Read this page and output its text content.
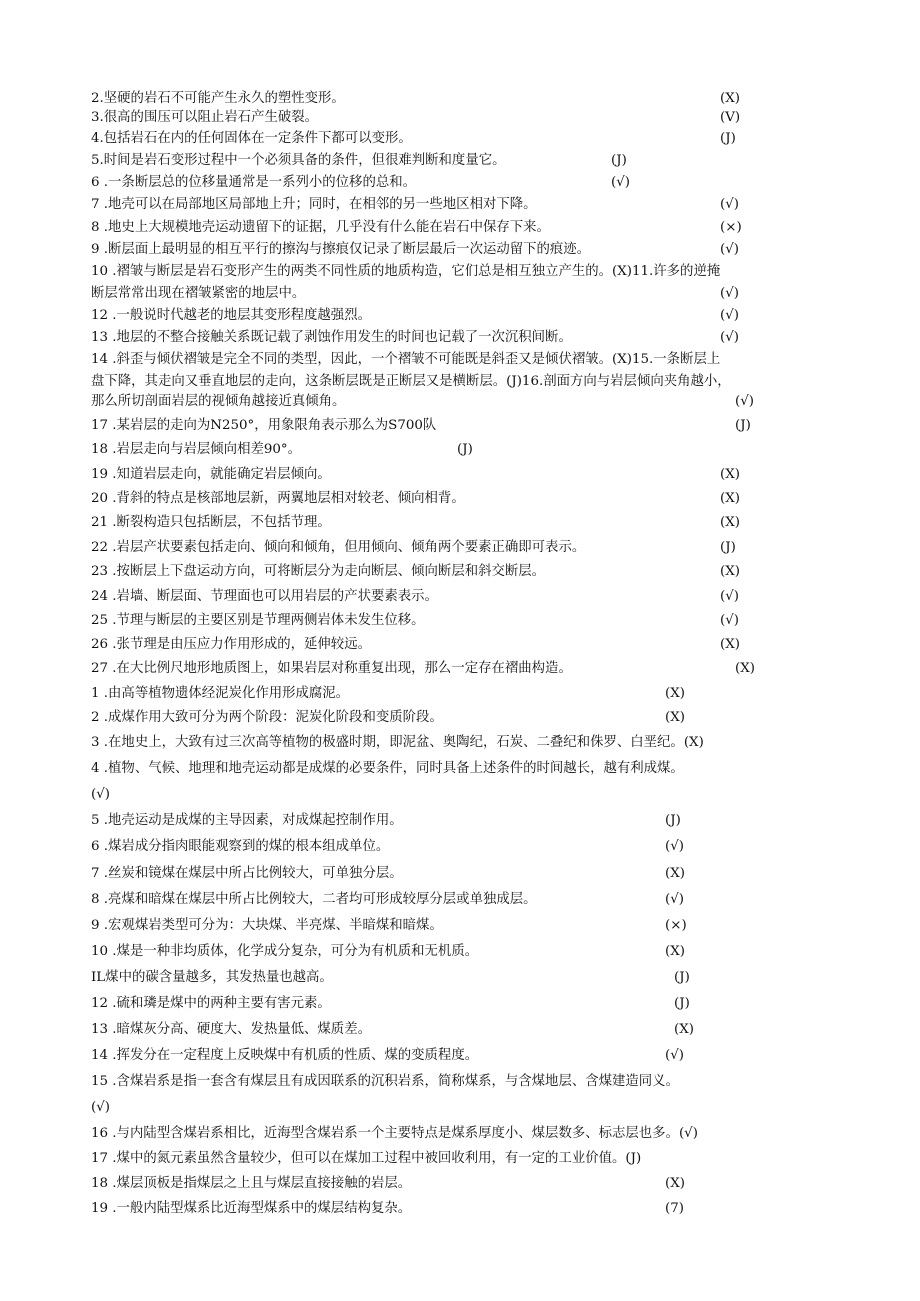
2.坚硬的岩石不可能产生永久的塑性变形。	(X)
3.很高的围压可以阻止岩石产生破裂。	(V)
4.包括岩石在内的任何固体在一定条件下都可以变形。	(J)
5.时间是岩石变形过程中一个必须具备的条件，但很难判断和度量它。	(J)
6 .一条断层总的位移量通常是一系列小的位移的总和。	(√)
7 .地壳可以在局部地区局部地上升；同时，在相邻的另一些地区相对下降。	(√)
8 .地史上大规模地壳运动遗留下的证据，几乎没有什么能在岩石中保存下来。	(×)
9 .断层面上最明显的相互平行的擦沟与擦痕仅记录了断层最后一次运动留下的痕迹。	(√)
10 .褶皱与断层是岩石变形产生的两类不同性质的地质构造，它们总是相互独立产生的。(X)11.许多的逆掩
断层常常出现在褶皱紧密的地层中。	(√)
12 .一般说时代越老的地层其变形程度越强烈。	(√)
13 .地层的不整合接触关系既记载了剥蚀作用发生的时间也记载了一次沉积间断。	(√)
14 .斜歪与倾伏褶皱是完全不同的类型，因此，一个褶皱不可能既是斜歪又是倾伏褶皱。(X)15.一条断层上
盘下降，其走向又垂直地层的走向，这条断层既是正断层又是横断层。(J)16.剖面方向与岩层倾向夹角越小，
那么所切剖面岩层的视倾角越接近真倾角。	(√)
17 .某岩层的走向为N250°，用象限角表示那么为S700队	(J)
18 .岩层走向与岩层倾向相差90°。	(J)
19 .知道岩层走向，就能确定岩层倾向。	(X)
20 .背斜的特点是核部地层新，两翼地层相对较老、倾向相背。	(X)
21 .断裂构造只包括断层，不包括节理。	(X)
22 .岩层产状要素包括走向、倾向和倾角，但用倾向、倾角两个要素正确即可表示。	(J)
23 .按断层上下盘运动方向，可将断层分为走向断层、倾向断层和斜交断层。	(X)
24 .岩墙、断层面、节理面也可以用岩层的产状要素表示。	(√)
25 .节理与断层的主要区别是节理两侧岩体未发生位移。	(√)
26 .张节理是由压应力作用形成的，延伸较远。	(X)
27 .在大比例尺地形地质图上，如果岩层对称重复出现，那么一定存在褶曲构造。	(X)
1 .由高等植物遗体经泥炭化作用形成腐泥。	(X)
2 .成煤作用大致可分为两个阶段：泥炭化阶段和变质阶段。	(X)
3 .在地史上，大致有过三次高等植物的极盛时期，即泥盆、奥陶纪，石炭、二叠纪和侏罗、白垩纪。(X)
4 .植物、气候、地理和地壳运动都是成煤的必要条件，同时具备上述条件的时间越长，越有利成煤。
(√)
5 .地壳运动是成煤的主导因素，对成煤起控制作用。	(J)
6 .煤岩成分指肉眼能观察到的煤的根本组成单位。	(√)
7 .丝炭和镜煤在煤层中所占比例较大，可单独分层。	(X)
8 .亮煤和暗煤在煤层中所占比例较大，二者均可形成较厚分层或单独成层。	(√)
9 .宏观煤岩类型可分为：大块煤、半亮煤、半暗煤和暗煤。	(×)
10 .煤是一种非均质体，化学成分复杂，可分为有机质和无机质。	(X)
IL煤中的碳含量越多，其发热量也越高。	(J)
12 .硫和璘是煤中的两种主要有害元素。	(J)
13 .暗煤灰分高、硬度大、发热量低、煤质差。	(X)
14 .挥发分在一定程度上反映煤中有机质的性质、煤的变质程度。	(√)
15 .含煤岩系是指一套含有煤层且有成因联系的沉积岩系，简称煤系，与含煤地层、含煤建造同义。
(√)
16 .与内陆型含煤岩系相比，近海型含煤岩系一个主要特点是煤系厚度小、煤层数多、标志层也多。(√)
17 .煤中的氮元素虽然含量较少，但可以在煤加工过程中被回收利用，有一定的工业价值。(J)
18 .煤层顶板是指煤层之上且与煤层直接接触的岩层。	(X)
19 .一般内陆型煤系比近海型煤系中的煤层结构复杂。	(7)
